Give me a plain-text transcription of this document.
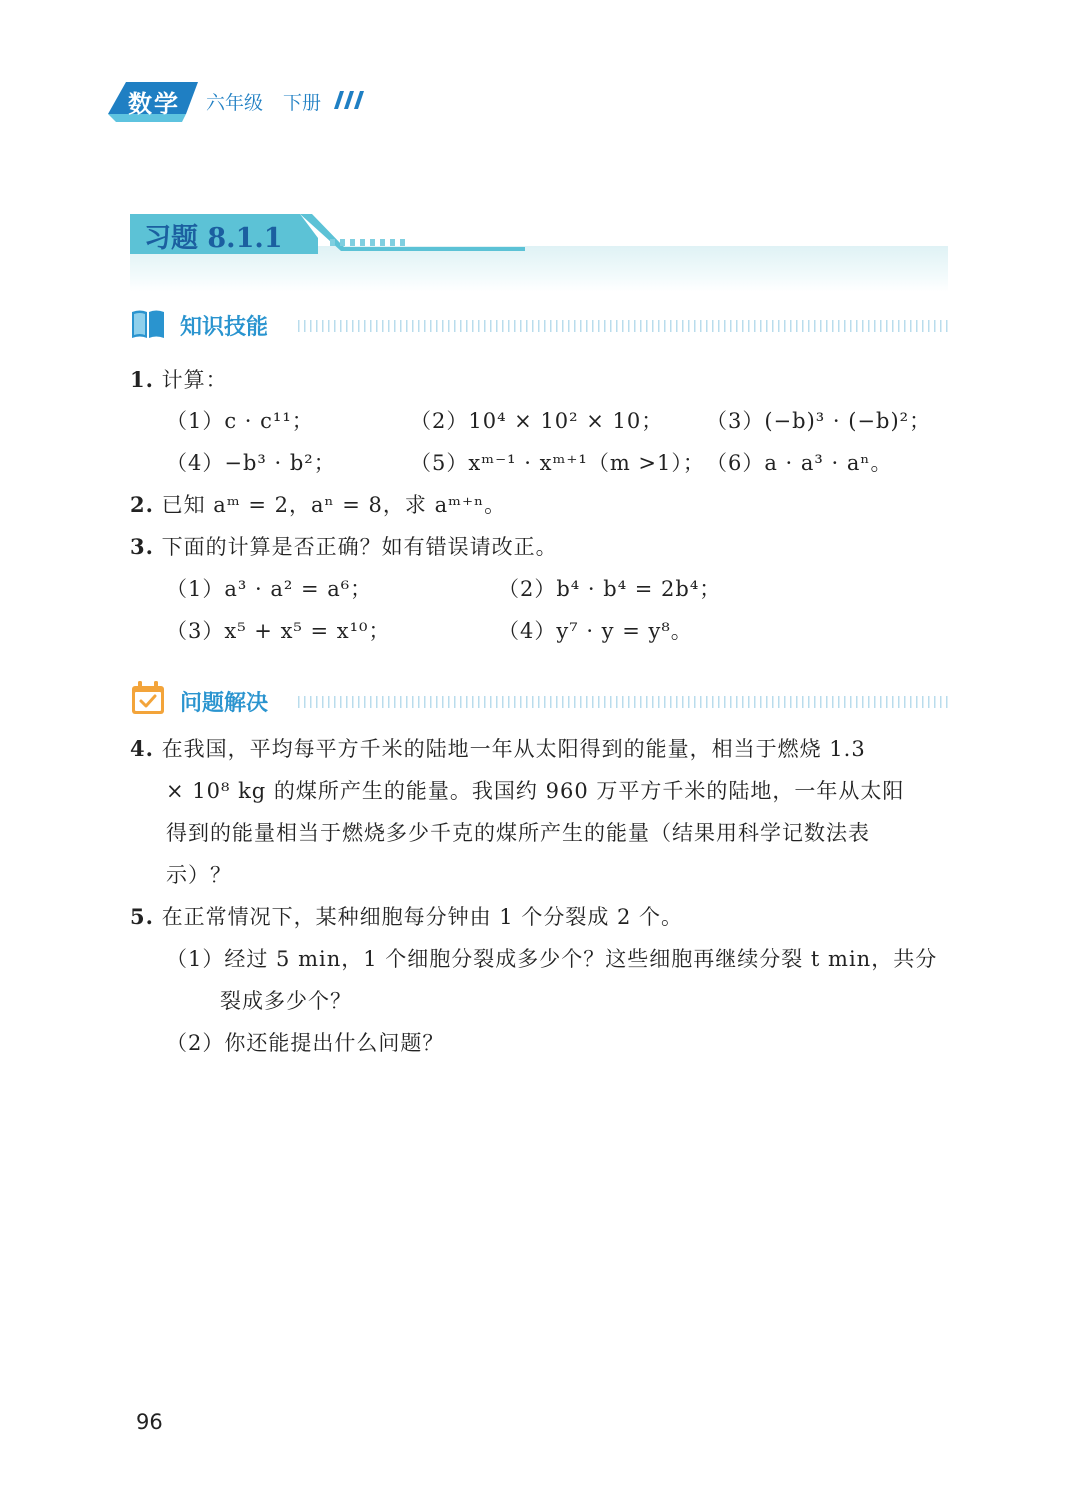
数学 六年级 下册
习题 8.1.1
知识技能
1. 计算：
（1）c · c¹¹；	（2）10⁴ × 10² × 10； （3）(−b)³ · (−b)²；
（4）−b³ · b²；	（5）xᵐ⁻¹ · xᵐ⁺¹（m >1）； （6）a · a³ · aⁿ。
2. 已知 aᵐ = 2，aⁿ = 8，求 aᵐ⁺ⁿ。
3. 下面的计算是否正确？如有错误请改正。
（1）a³ · a² = a⁶；	（2）b⁴ · b⁴ = 2b⁴；
（3）x⁵ + x⁵ = x¹⁰；	（4）y⁷ · y = y⁸。
问题解决
4. 在我国，平均每平方千米的陆地一年从太阳得到的能量，相当于燃烧 1.3
× 10⁸ kg 的煤所产生的能量。我国约 960 万平方千米的陆地，一年从太阳
得到的能量相当于燃烧多少千克的煤所产生的能量（结果用科学记数法表
示）？
5. 在正常情况下，某种细胞每分钟由 1 个分裂成 2 个。
（1）经过 5 min，1 个细胞分裂成多少个？这些细胞再继续分裂 t min，共分
裂成多少个？
（2）你还能提出什么问题？
96
